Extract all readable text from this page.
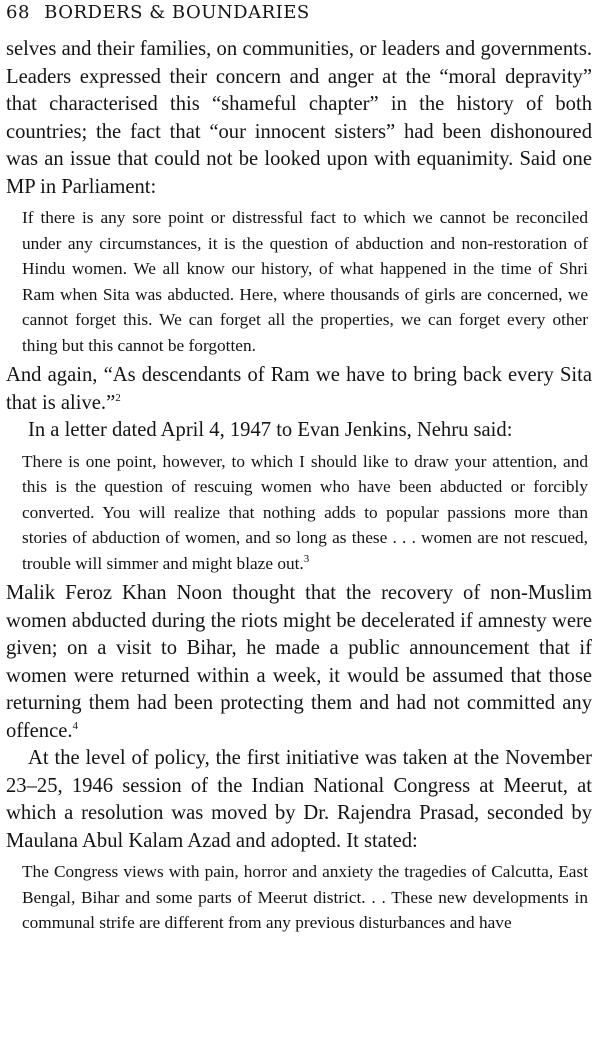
68 BORDERS & BOUNDARIES

selves and their families, on communities, or leaders and governments. Leaders expressed their concern and anger at the “moral depravity” that characterised this “shameful chapter” in the history of both countries; the fact that “our innocent sisters” had been dishonoured was an issue that could not be looked upon with equanimity. Said one MP in Parliament:

If there is any sore point or distressful fact to which we cannot be reconciled under any circumstances, it is the question of abduction and non-restoration of Hindu women. We all know our history, of what happened in the time of Shri Ram when Sita was abducted. Here, where thousands of girls are concerned, we cannot forget this. We can forget all the properties, we can forget every other thing but this cannot be forgotten.

And again, “As descendants of Ram we have to bring back every Sita that is alive.”$^2$

In a letter dated April 4, 1947 to Evan Jenkins, Nehru said:

There is one point, however, to which I should like to draw your attention, and this is the question of rescuing women who have been abducted or forcibly converted. You will realize that nothing adds to popular passions more than stories of abduction of women, and so long as these . . . women are not rescued, trouble will simmer and might blaze out.$^3$

Malik Feroz Khan Noon thought that the recovery of non-Muslim women abducted during the riots might be decelerated if amnesty were given; on a visit to Bihar, he made a public announcement that if women were returned within a week, it would be assumed that those returning them had been protecting them and had not committed any offence.$^4$

At the level of policy, the first initiative was taken at the November 23–25, 1946 session of the Indian National Congress at Meerut, at which a resolution was moved by Dr. Rajendra Prasad, seconded by Maulana Abul Kalam Azad and adopted. It stated:

The Congress views with pain, horror and anxiety the tragedies of Calcutta, East Bengal, Bihar and some parts of Meerut district. . . These new developments in communal strife are different from any previous disturbances and have
